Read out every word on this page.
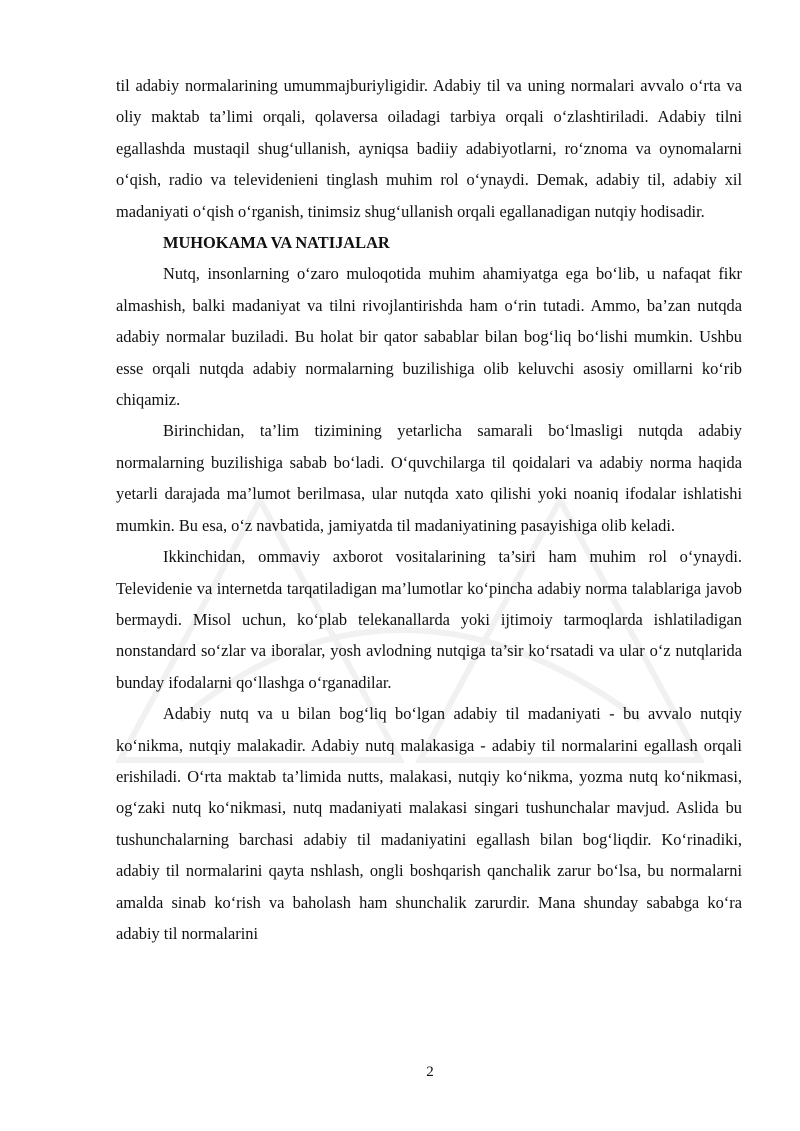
til adabiy normalarining umummajburiyligidir. Adabiy til va uning normalari avvalo o‘rta va oliy maktab ta’limi orqali, qolaversa oiladagi tarbiya orqali o‘zlashtiriladi. Adabiy tilni egallashda mustaqil shug‘ullanish, ayniqsa badiiy adabiyotlarni, ro‘znoma va oynomalarni o‘qish, radio va televidenieni tinglash muhim rol o‘ynaydi. Demak, adabiy til, adabiy xil madaniyati o‘qish o‘rganish, tinimsiz shug‘ullanish orqali egallanadigan nutqiy hodisadir.

MUHOKAMA VA NATIJALAR

Nutq, insonlarning o‘zaro muloqotida muhim ahamiyatga ega bo‘lib, u nafaqat fikr almashish, balki madaniyat va tilni rivojlantirishda ham o‘rin tutadi. Ammo, ba’zan nutqda adabiy normalar buziladi. Bu holat bir qator sabablar bilan bog‘liq bo‘lishi mumkin. Ushbu esse orqali nutqda adabiy normalarning buzilishiga olib keluvchi asosiy omillarni ko‘rib chiqamiz.

Birinchidan, ta’lim tizimining yetarlicha samarali bo‘lmasligi nutqda adabiy normalarning buzilishiga sabab bo‘ladi. O‘quvchilarga til qoidalari va adabiy norma haqida yetarli darajada ma’lumot berilmasa, ular nutqda xato qilishi yoki noaniq ifodalar ishlatishi mumkin. Bu esa, o‘z navbatida, jamiyatda til madaniyatining pasayishiga olib keladi.

Ikkinchidan, ommaviy axborot vositalarining ta’siri ham muhim rol o‘ynaydi. Televidenie va internetda tarqatiladigan ma’lumotlar ko‘pincha adabiy norma talablariga javob bermaydi. Misol uchun, ko‘plab telekanallarda yoki ijtimoiy tarmoqlarda ishlatiladigan nonstandard so‘zlar va iboralar, yosh avlodning nutqiga ta’sir ko‘rsatadi va ular o‘z nutqlarida bunday ifodalarni qo‘llashga o‘rganadilar.

Adabiy nutq va u bilan bog‘liq bo‘lgan adabiy til madaniyati - bu avvalo nutqiy ko‘nikma, nutqiy malakadir. Adabiy nutq malakasiga - adabiy til normalarini egallash orqali erishiladi. O‘rta maktab ta’limida nutts, malakasi, nutqiy ko‘nikma, yozma nutq ko‘nikmasi, og‘zaki nutq ko‘nikmasi, nutq madaniyati malakasi singari tushunchalar mavjud. Aslida bu tushunchalarning barchasi adabiy til madaniyatini egallash bilan bog‘liqdir. Ko‘rinadiki, adabiy til normalarini qayta nshlash, ongli boshqarish qanchalik zarur bo‘lsa, bu normalarni amalda sinab ko‘rish va baholash ham shunchalik zarurdir. Mana shunday sababga ko‘ra adabiy til normalarini

2
